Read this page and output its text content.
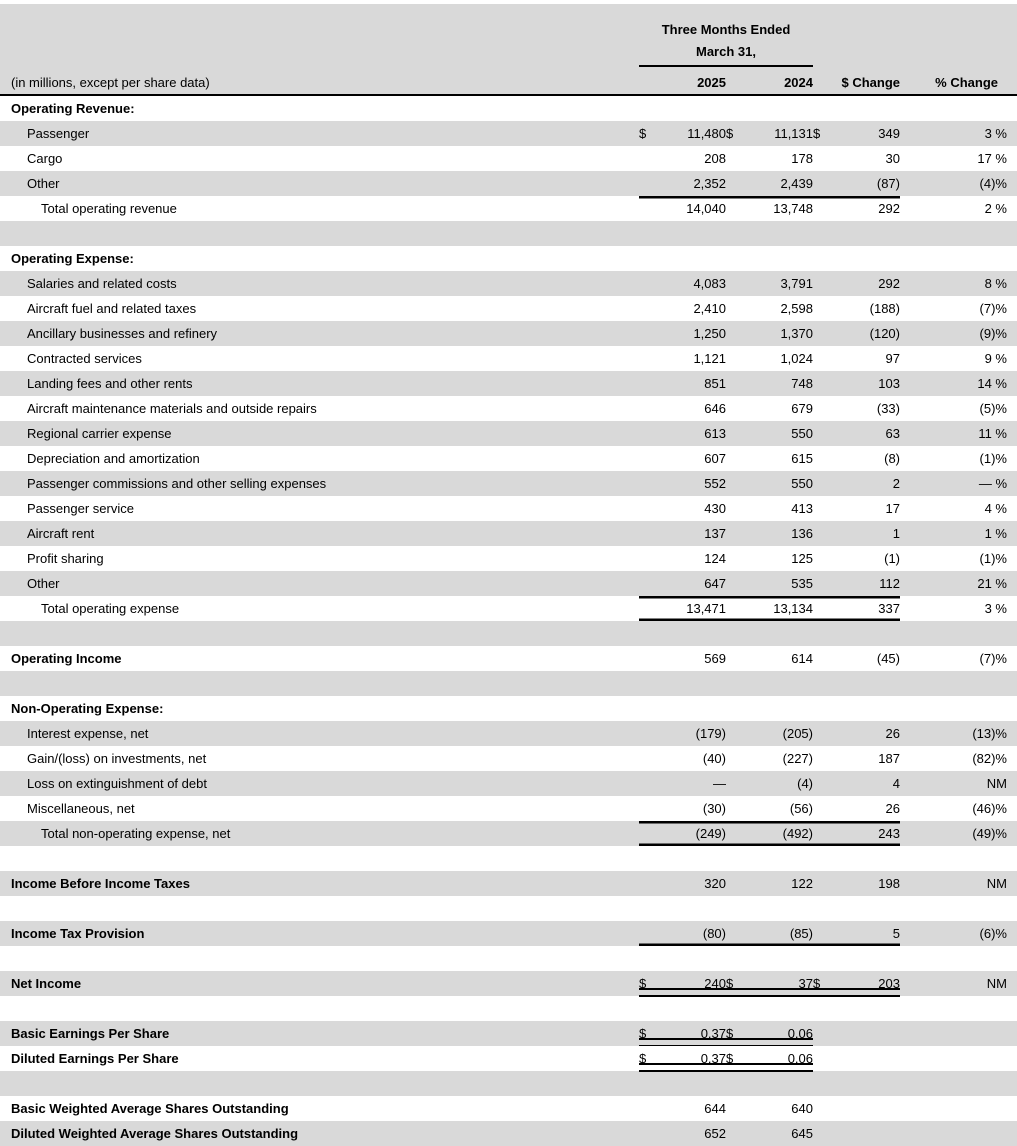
	Three Months Ended							
	March 31,							
(in millions, except per share data)		2025		2024		$ Change	% Change	
Operating Revenue:								
Passenger	$	11,480	$	11,131	$	349	3 %	
Cargo		208		178		30	17 %	
Other		2,352		2,439		(87)	(4)%	
Total operating revenue		14,040		13,748		292	2 %	

Operating Expense:								
Salaries and related costs		4,083		3,791		292	8 %	
Aircraft fuel and related taxes		2,410		2,598		(188)	(7)%	
Ancillary businesses and refinery		1,250		1,370		(120)	(9)%	
Contracted services		1,121		1,024		97	9 %	
Landing fees and other rents		851		748		103	14 %	
Aircraft maintenance materials and outside repairs		646		679		(33)	(5)%	
Regional carrier expense		613		550		63	11 %	
Depreciation and amortization		607		615		(8)	(1)%	
Passenger commissions and other selling expenses		552		550		2	— %	
Passenger service		430		413		17	4 %	
Aircraft rent		137		136		1	1 %	
Profit sharing		124		125		(1)	(1)%	
Other		647		535		112	21 %	
Total operating expense		13,471		13,134		337	3 %	

Operating Income		569		614		(45)	(7)%	

Non-Operating Expense:								
Interest expense, net		(179)		(205)		26	(13)%	
Gain/(loss) on investments, net		(40)		(227)		187	(82)%	
Loss on extinguishment of debt		—		(4)		4	NM	
Miscellaneous, net		(30)		(56)		26	(46)%	
Total non-operating expense, net		(249)		(492)		243	(49)%	

Income Before Income Taxes		320		122		198	NM	

Income Tax Provision		(80)		(85)		5	(6)%	

Net Income	$	240	$	37	$	203	NM	

Basic Earnings Per Share	$	0.37	$	0.06				
Diluted Earnings Per Share	$	0.37	$	0.06				

Basic Weighted Average Shares Outstanding		644		640				
Diluted Weighted Average Shares Outstanding		652		645				
